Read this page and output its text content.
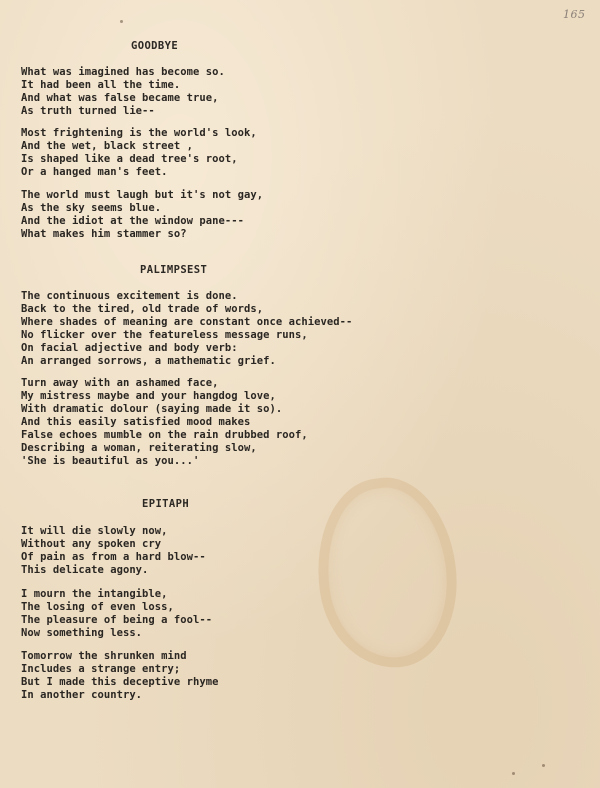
165
GOODBYE
What was imagined has become so.
It had been all the time.
And what was false became true,
As truth turned lie--
Most frightening is the world's look,
And the wet, black street ,
Is shaped like a dead tree's root,
Or a hanged man's feet.
The world must laugh but it's not gay,
As the sky seems blue.
And the idiot at the window pane---
What makes him stammer so?
PALIMPSEST
The continuous excitement is done.
Back to the tired, old trade of words,
Where shades of meaning are constant once achieved--
No flicker over the featureless message runs,
On facial adjective and body verb:
An arranged sorrows, a mathematic grief.
Turn away with an ashamed face,
My mistress maybe and your hangdog love,
With dramatic dolour (saying made it so).
And this easily satisfied mood makes
False echoes mumble on the rain drubbed roof,
Describing a woman, reiterating slow,
'She is beautiful as you...'
EPITAPH
It will die slowly now,
Without any spoken cry
Of pain as from a hard blow--
This delicate agony.
I mourn the intangible,
The losing of even loss,
The pleasure of being a fool--
Now something less.
Tomorrow the shrunken mind
Includes a strange entry;
But I made this deceptive rhyme
In another country.
